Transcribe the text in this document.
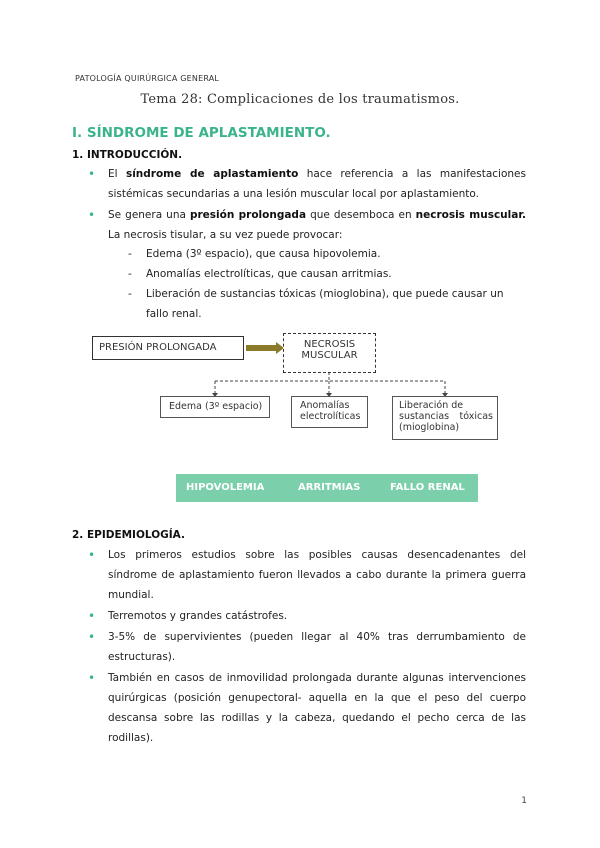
PATOLOGÍA QUIRÚRGICA GENERAL
Tema 28: Complicaciones de los traumatismos.
I. SÍNDROME DE APLASTAMIENTO.
1. INTRODUCCIÓN.
• El síndrome de aplastamiento hace referencia a las manifestaciones sistémicas secundarias a una lesión muscular local por aplastamiento.
• Se genera una presión prolongada que desemboca en necrosis muscular. La necrosis tisular, a su vez puede provocar:
- Edema (3º espacio), que causa hipovolemia.
- Anomalías electrolíticas, que causan arritmias.
- Liberación de sustancias tóxicas (mioglobina), que puede causar un fallo renal.
PRESIÓN PROLONGADA	NECROSIS
MUSCULAR
Edema (3º espacio)	Anomalías
electrolíticas
Liberación de
sustancias tóxicas
(mioglobina)
HIPOVOLEMIA	ARRITMIAS	FALLO RENAL
2. EPIDEMIOLOGÍA.
• Los primeros estudios sobre las posibles causas desencadenantes del síndrome de aplastamiento fueron llevados a cabo durante la primera guerra mundial.
• Terremotos y grandes catástrofes.
• 3-5% de supervivientes (pueden llegar al 40% tras derrumbamiento de estructuras).
• También en casos de inmovilidad prolongada durante algunas intervenciones quirúrgicas (posición genupectoral- aquella en la que el peso del cuerpo descansa sobre las rodillas y la cabeza, quedando el pecho cerca de las rodillas).
1
